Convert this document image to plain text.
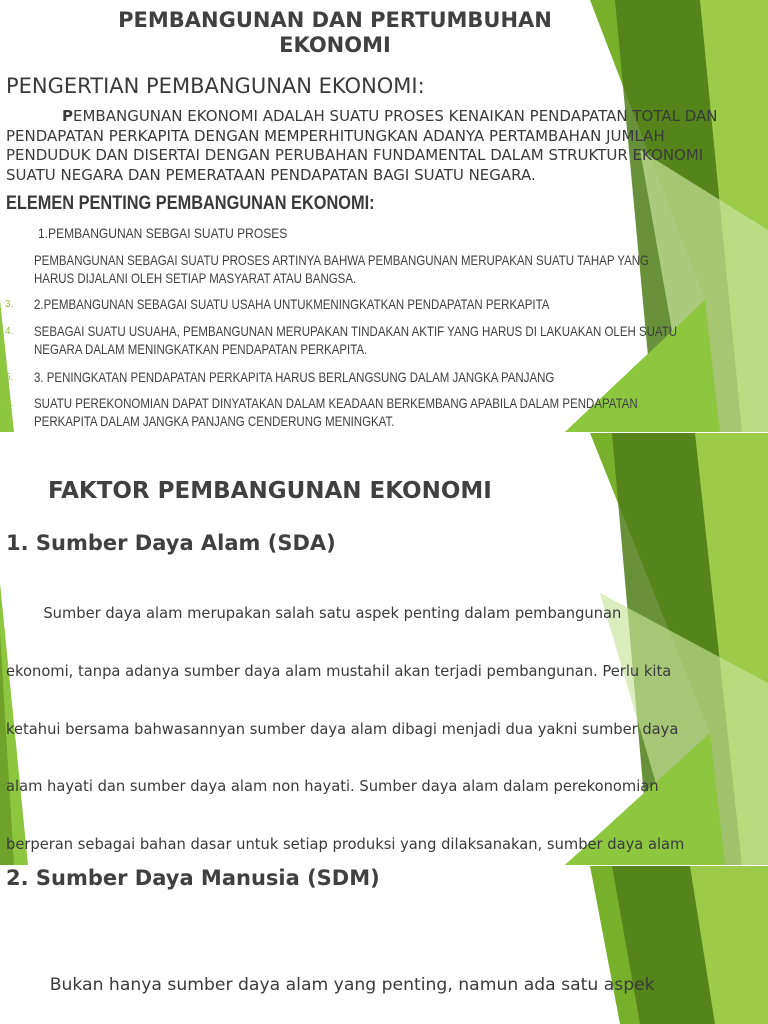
PEMBANGUNAN DAN PERTUMBUHAN
EKONOMI
PENGERTIAN PEMBANGUNAN EKONOMI:
PEMBANGUNAN EKONOMI ADALAH SUATU PROSES KENAIKAN PENDAPATAN TOTAL DAN
PENDAPATAN PERKAPITA DENGAN MEMPERHITUNGKAN ADANYA PERTAMBAHAN JUMLAH
PENDUDUK DAN DISERTAI DENGAN PERUBAHAN FUNDAMENTAL DALAM STRUKTUR EKONOMI
SUATU NEGARA DAN PEMERATAAN PENDAPATAN BAGI SUATU NEGARA.
ELEMEN PENTING PEMBANGUNAN EKONOMI:
1.PEMBANGUNAN SEBGAI SUATU PROSES
PEMBANGUNAN SEBAGAI SUATU PROSES ARTINYA BAHWA PEMBANGUNAN MERUPAKAN SUATU TAHAP YANG
HARUS DIJALANI OLEH SETIAP MASYARAT ATAU BANGSA.
3. 2.PEMBANGUNAN SEBAGAI SUATU USAHA UNTUKMENINGKATKAN PENDAPATAN PERKAPITA
4. SEBAGAI SUATU USUAHA, PEMBANGUNAN MERUPAKAN TINDAKAN AKTIF YANG HARUS DI LAKUAKAN OLEH SUATU
NEGARA DALAM MENINGKATKAN PENDAPATAN PERKAPITA.
5. 3. PENINGKATAN PENDAPATAN PERKAPITA HARUS BERLANGSUNG DALAM JANGKA PANJANG
6. SUATU PEREKONOMIAN DAPAT DINYATAKAN DALAM KEADAAN BERKEMBANG APABILA DALAM PENDAPATAN
PERKAPITA DALAM JANGKA PANJANG CENDERUNG MENINGKAT.
FAKTOR PEMBANGUNAN EKONOMI
1. Sumber Daya Alam (SDA)

Sumber daya alam merupakan salah satu aspek penting dalam pembangunan

ekonomi, tanpa adanya sumber daya alam mustahil akan terjadi pembangunan. Perlu kita

ketahui bersama bahwasannyan sumber daya alam dibagi menjadi dua yakni sumber daya

alam hayati dan sumber daya alam non hayati. Sumber daya alam dalam perekonomian

berperan sebagai bahan dasar untuk setiap produksi yang dilaksanakan, sumber daya alam

2. Sumber Daya Manusia (SDM)

Bukan hanya sumber daya alam yang penting, namun ada satu aspek
